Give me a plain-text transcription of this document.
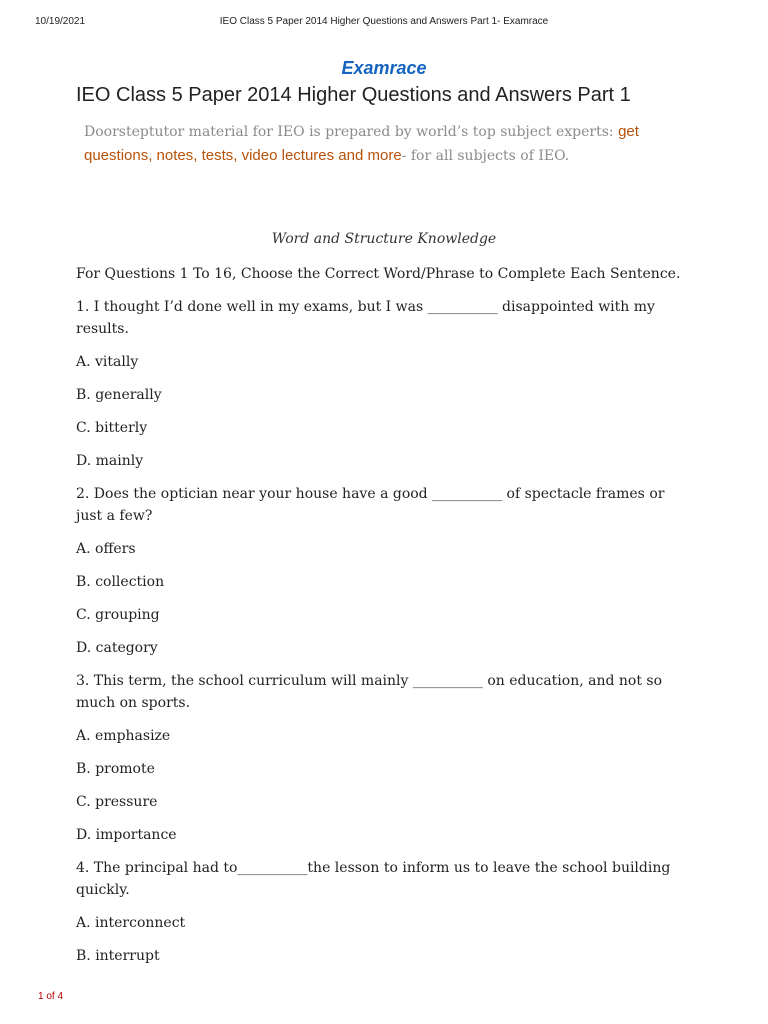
10/19/2021	IEO Class 5 Paper 2014 Higher Questions and Answers Part 1- Examrace
Examrace
IEO Class 5 Paper 2014 Higher Questions and Answers Part 1
Doorsteptutor material for IEO is prepared by world’s top subject experts: get questions, notes, tests, video lectures and more- for all subjects of IEO.
Word and Structure Knowledge

For Questions 1 To 16, Choose the Correct Word/Phrase to Complete Each Sentence.

1. I thought I’d done well in my exams, but I was __________ disappointed with my results.

A. vitally

B. generally

C. bitterly

D. mainly

2. Does the optician near your house have a good __________ of spectacle frames or just a few?

A. offers

B. collection

C. grouping

D. category

3. This term, the school curriculum will mainly __________ on education, and not so much on sports.

A. emphasize

B. promote

C. pressure

D. importance

4. The principal had to__________the lesson to inform us to leave the school building quickly.

A. interconnect

B. interrupt

1 of 4
